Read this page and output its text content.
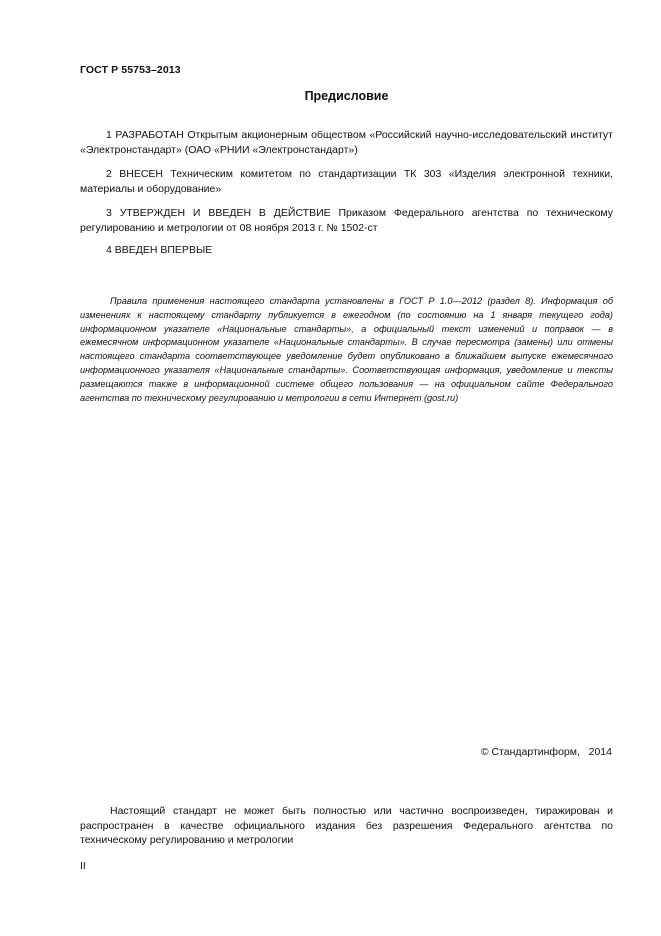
ГОСТ Р 55753–2013
Предисловие

1 РАЗРАБОТАН Открытым акционерным обществом «Российский научно-исследовательский институт «Электронстандарт» (ОАО «РНИИ «Электронстандарт»)

2 ВНЕСЕН Техническим комитетом по стандартизации ТК 303 «Изделия электронной техники, материалы и оборудование»

3 УТВЕРЖДЕН И ВВЕДЕН В ДЕЙСТВИЕ Приказом Федерального агентства по техническому регулированию и метрологии от 08 ноября 2013 г. № 1502-ст

4 ВВЕДЕН ВПЕРВЫЕ

Правила применения настоящего стандарта установлены в ГОСТ Р 1.0—2012 (раздел 8). Информация об изменениях к настоящему стандарту публикуется в ежегодном (по состоянию на 1 января текущего года) информационном указателе «Национальные стандарты», а официальный текст изменений и поправок — в ежемесячном информационном указателе «Национальные стандарты». В случае пересмотра (замены) или отмены настоящего стандарта соответствующее уведомление будет опубликовано в ближайшем выпуске ежемесячного информационного указателя «Национальные стандарты». Соответствующая информация, уведомление и тексты размещаются также в информационной системе общего пользования — на официальном сайте Федерального агентства по техническому регулированию и метрологии в сети Интернет (gost.ru)

© Стандартинформ,   2014

Настоящий стандарт не может быть полностью или частично воспроизведен, тиражирован и распространен в качестве официального издания без разрешения Федерального агентства по техническому регулированию и метрологии

II
